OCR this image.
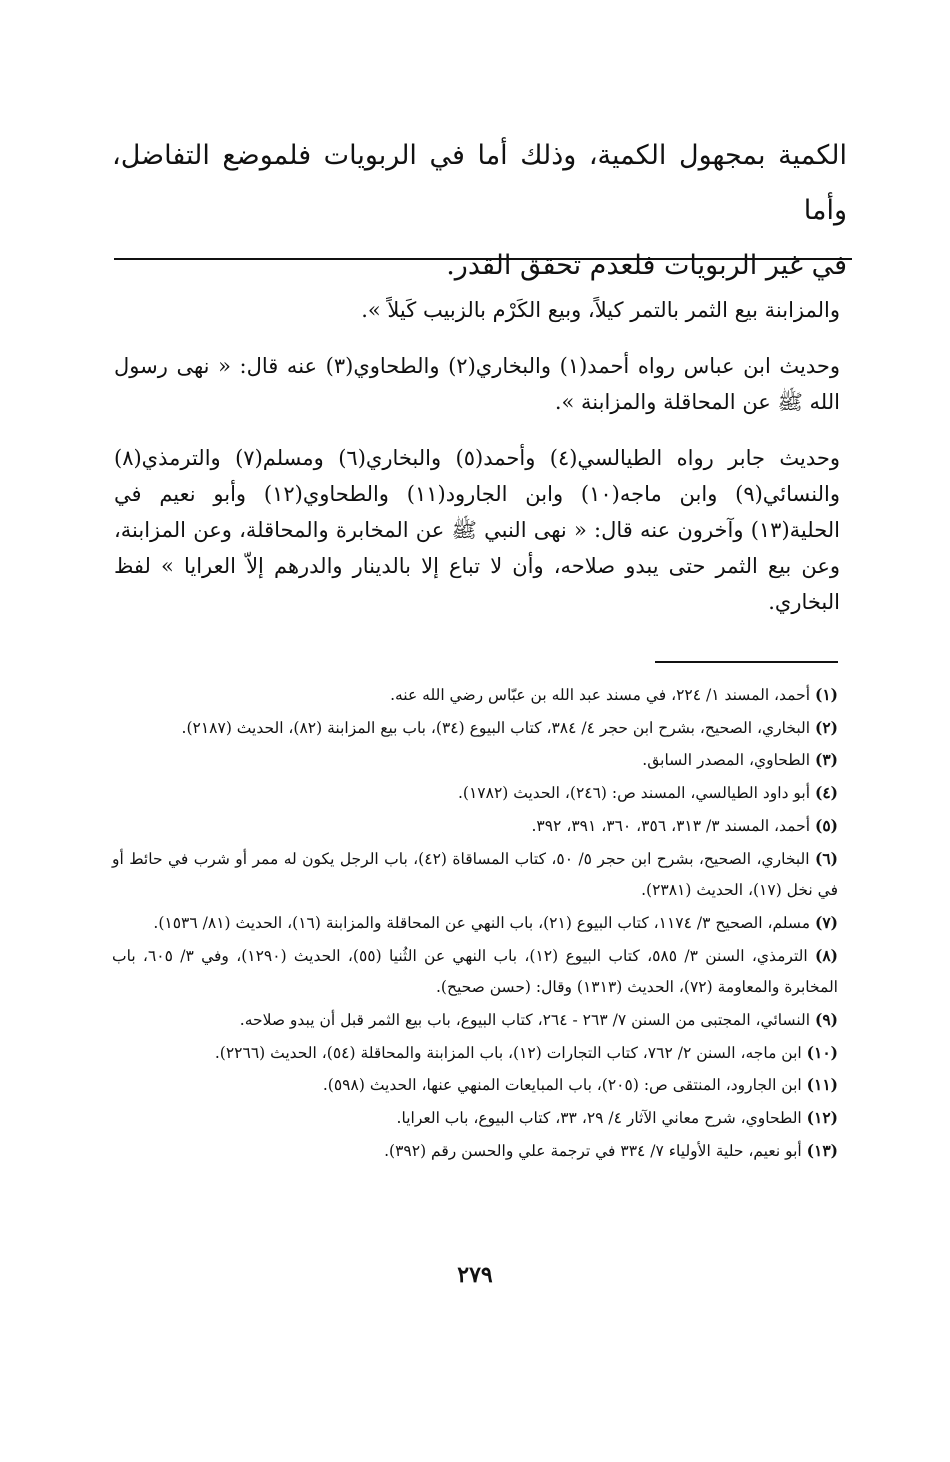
الكمية بمجهول الكمية، وذلك أما في الربويات فلموضع التفاضل، وأما

في غير الربويات فلعدم تحقق القدر.

والمزابنة بيع الثمر بالتمر كيلاً، وبيع الكَرْم بالزبيب كَيلاً ».

وحديث ابن عباس رواه أحمد(١) والبخاري(٢) والطحاوي(٣) عنه قال: « نهى رسول الله ﷺ عن المحاقلة والمزابنة ».

وحديث جابر رواه الطيالسي(٤) وأحمد(٥) والبخاري(٦) ومسلم(٧) والترمذي(٨) والنسائي(٩) وابن ماجه(١٠) وابن الجارود(١١) والطحاوي(١٢) وأبو نعيم في الحلية(١٣) وآخرون عنه قال: « نهى النبي ﷺ عن المخابرة والمحاقلة، وعن المزابنة، وعن بيع الثمر حتى يبدو صلاحه، وأن لا تباع إلا بالدينار والدرهم إلاّ العرايا » لفظ البخاري.

(١) أحمد، المسند ١/ ٢٢٤، في مسند عبد الله بن عبّاس رضي الله عنه.

(٢) البخاري، الصحيح، بشرح ابن حجر ٤/ ٣٨٤، كتاب البيوع (٣٤)، باب بيع المزابنة (٨٢)، الحديث (٢١٨٧).

(٣) الطحاوي، المصدر السابق.

(٤) أبو داود الطيالسي، المسند ص: (٢٤٦)، الحديث (١٧٨٢).

(٥) أحمد، المسند ٣/ ٣١٣، ٣٥٦، ٣٦٠، ٣٩١، ٣٩٢.

(٦) البخاري، الصحيح، بشرح ابن حجر ٥/ ٥٠، كتاب المساقاة (٤٢)، باب الرجل يكون له ممر أو شرب في حائط أو في نخل (١٧)، الحديث (٢٣٨١).

(٧) مسلم، الصحيح ٣/ ١١٧٤، كتاب البيوع (٢١)، باب النهي عن المحاقلة والمزابنة (١٦)، الحديث (٨١/ ١٥٣٦).

(٨) الترمذي، السنن ٣/ ٥٨٥، كتاب البيوع (١٢)، باب النهي عن الثُنيا (٥٥)، الحديث (١٢٩٠)، وفي ٣/ ٦٠٥، باب المخابرة والمعاومة (٧٢)، الحديث (١٣١٣) وقال: (حسن صحيح).

(٩) النسائي، المجتبى من السنن ٧/ ٢٦٣ - ٢٦٤، كتاب البيوع، باب بيع الثمر قبل أن يبدو صلاحه.

(١٠) ابن ماجه، السنن ٢/ ٧٦٢، كتاب التجارات (١٢)، باب المزابنة والمحاقلة (٥٤)، الحديث (٢٢٦٦).

(١١) ابن الجارود، المنتقى ص: (٢٠٥)، باب المبايعات المنهي عنها، الحديث (٥٩٨).

(١٢) الطحاوي، شرح معاني الآثار ٤/ ٢٩، ٣٣، كتاب البيوع، باب العرايا.

(١٣) أبو نعيم، حلية الأولياء ٧/ ٣٣٤ في ترجمة علي والحسن رقم (٣٩٢).

٢٧٩
